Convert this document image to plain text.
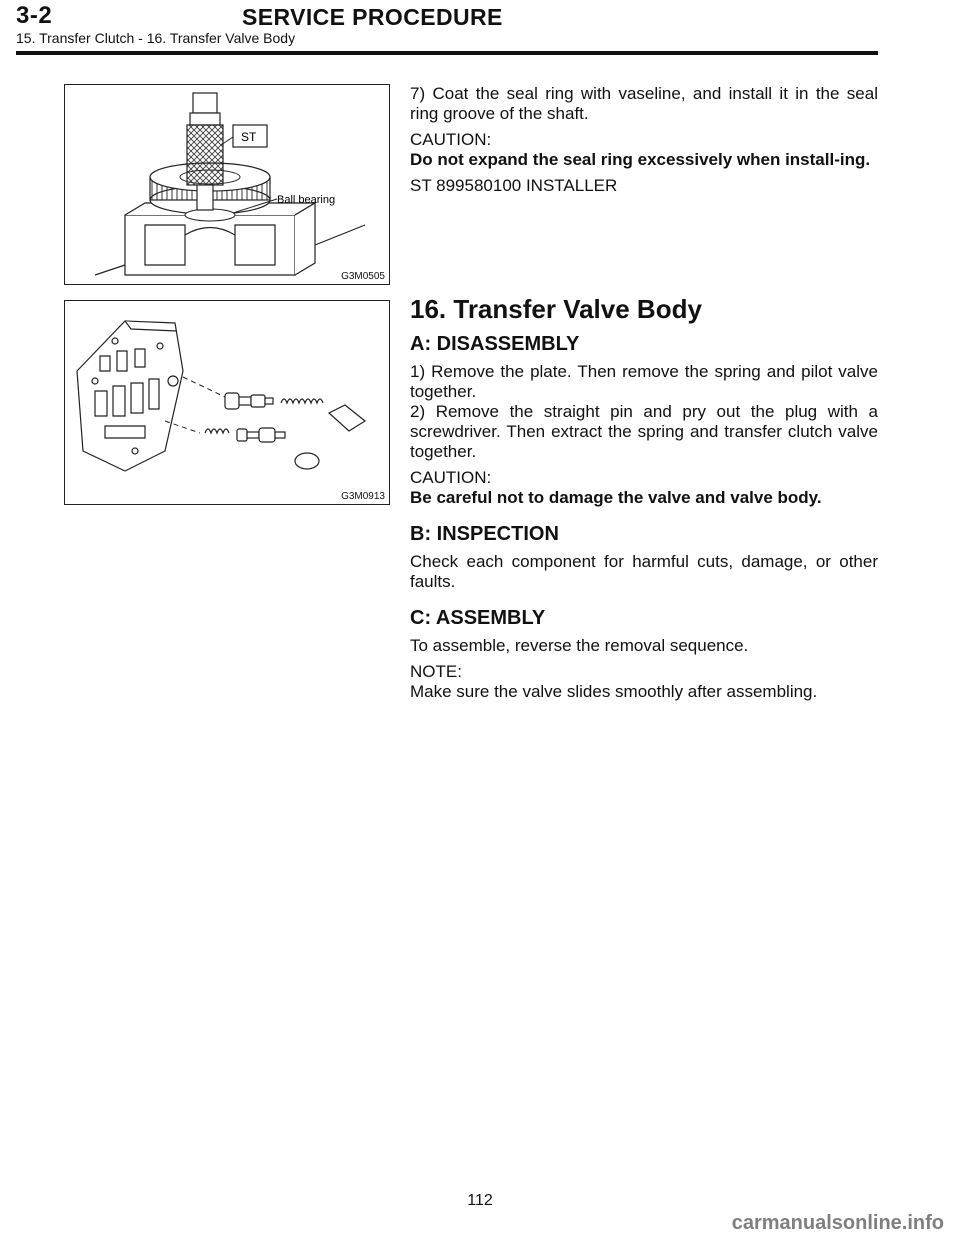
3-2	SERVICE PROCEDURE
15. Transfer Clutch - 16. Transfer Valve Body
ST
Ball bearing
G3M0505
G3M0913

7) Coat the seal ring with vaseline, and install it in the seal ring groove of the shaft.

CAUTION:

Do not expand the seal ring excessively when install-ing.

ST 899580100 INSTALLER

16. Transfer Valve Body
A: DISASSEMBLY

1) Remove the plate. Then remove the spring and pilot valve together.

2) Remove the straight pin and pry out the plug with a screwdriver. Then extract the spring and transfer clutch valve together.

CAUTION:

Be careful not to damage the valve and valve body.

B: INSPECTION

Check each component for harmful cuts, damage, or other faults.

C: ASSEMBLY

To assemble, reverse the removal sequence.

NOTE:

Make sure the valve slides smoothly after assembling.

112
carmanualsonline.info
